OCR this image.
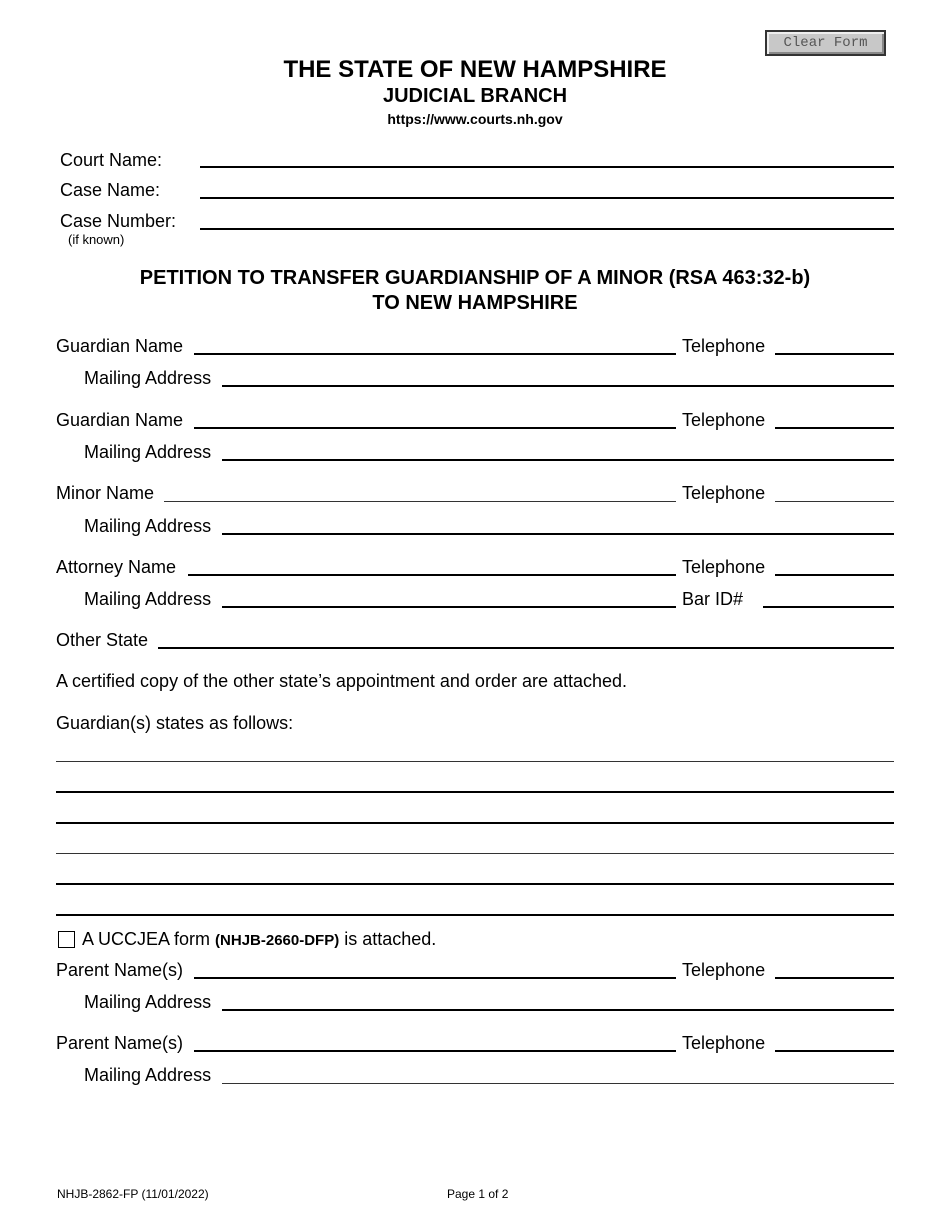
Clear Form
THE STATE OF NEW HAMPSHIRE
JUDICIAL BRANCH
https://www.courts.nh.gov
Court Name:
Case Name:
Case Number:
(if known)
PETITION TO TRANSFER GUARDIANSHIP OF A MINOR (RSA 463:32-b)
TO NEW HAMPSHIRE
Guardian Name	Telephone
Mailing Address
Guardian Name	Telephone
Mailing Address
Minor Name	Telephone
Mailing Address
Attorney Name	Telephone
Mailing Address	Bar ID#
Other State
A certified copy of the other state’s appointment and order are attached.
Guardian(s) states as follows:
A UCCJEA form (NHJB-2660-DFP) is attached.
Parent Name(s)	Telephone
Mailing Address
Parent Name(s)	Telephone
Mailing Address
NHJB-2862-FP (11/01/2022)	Page 1 of 2
